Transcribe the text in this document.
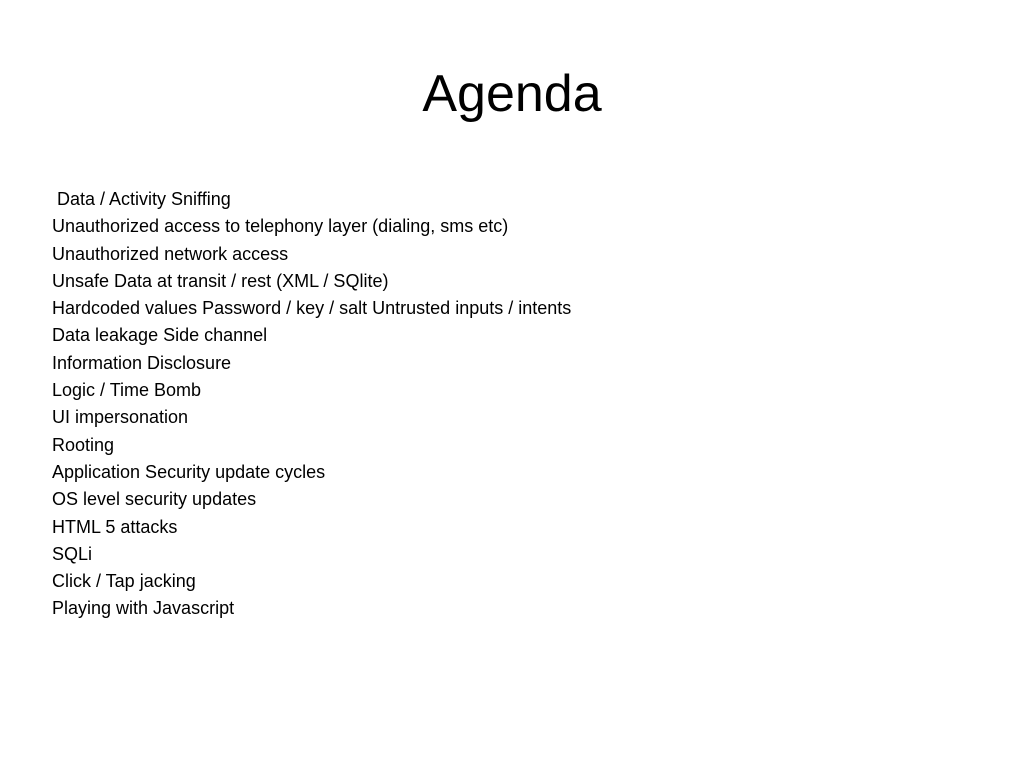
Agenda
Data / Activity Sniffing
Unauthorized access to telephony layer (dialing, sms etc)
Unauthorized network access
Unsafe Data at transit / rest (XML / SQlite)
Hardcoded values Password / key / salt Untrusted inputs / intents
Data leakage Side channel
Information Disclosure
Logic / Time Bomb
UI impersonation
Rooting
Application Security update cycles
OS level security updates
HTML 5 attacks
SQLi
Click / Tap jacking
Playing with Javascript
